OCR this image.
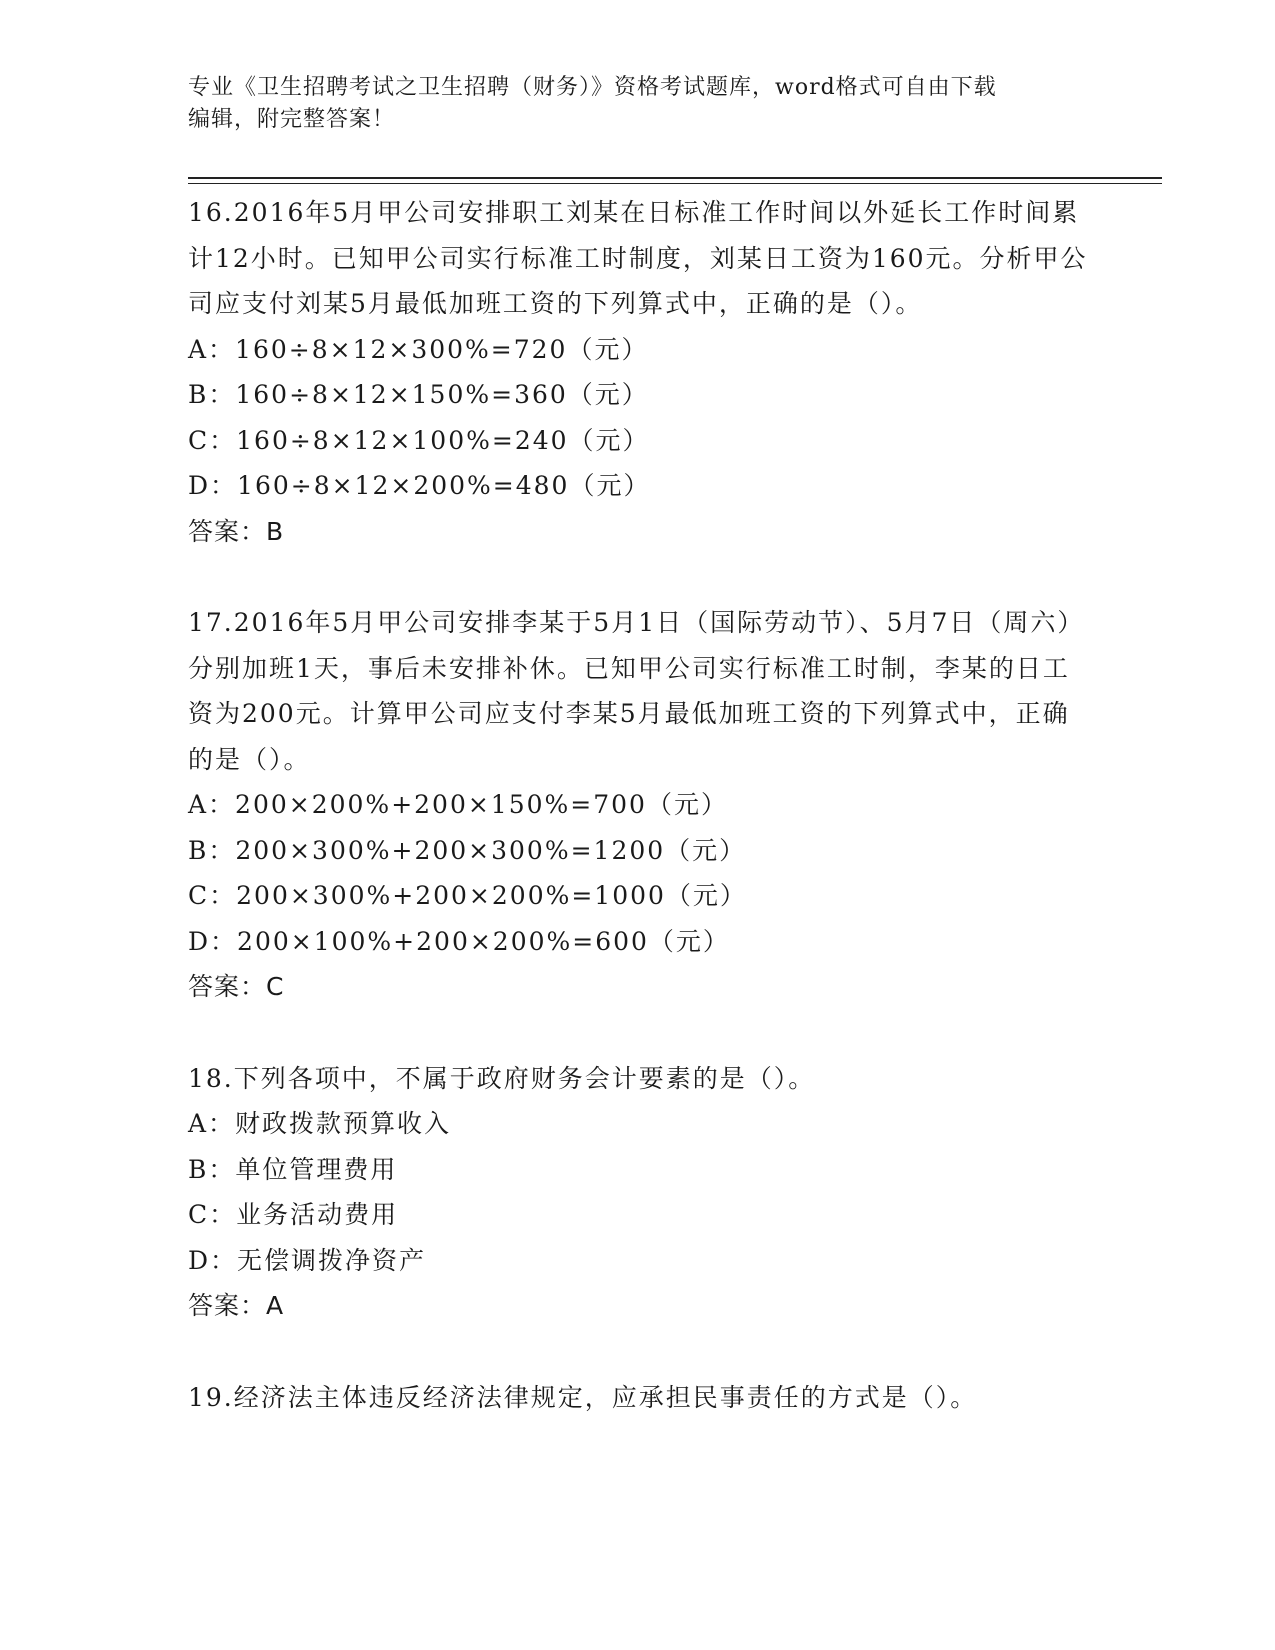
专业《卫生招聘考试之卫生招聘（财务）》资格考试题库，word格式可自由下载
编辑，附完整答案！
16.2016年5月甲公司安排职工刘某在日标准工作时间以外延长工作时间累计12小时。已知甲公司实行标准工时制度，刘某日工资为160元。分析甲公司应支付刘某5月最低加班工资的下列算式中，正确的是（）。
A：160÷8×12×300%=720（元）
B：160÷8×12×150%=360（元）
C：160÷8×12×100%=240（元）
D：160÷8×12×200%=480（元）
答案：B
17.2016年5月甲公司安排李某于5月1日（国际劳动节）、5月7日（周六）分别加班1天，事后未安排补休。已知甲公司实行标准工时制，李某的日工资为200元。计算甲公司应支付李某5月最低加班工资的下列算式中，正确的是（）。
A：200×200%+200×150%=700（元）
B：200×300%+200×300%=1200（元）
C：200×300%+200×200%=1000（元）
D：200×100%+200×200%=600（元）
答案：C
18.下列各项中，不属于政府财务会计要素的是（）。
A：财政拨款预算收入
B：单位管理费用
C：业务活动费用
D：无偿调拨净资产
答案：A
19.经济法主体违反经济法律规定，应承担民事责任的方式是（）。
